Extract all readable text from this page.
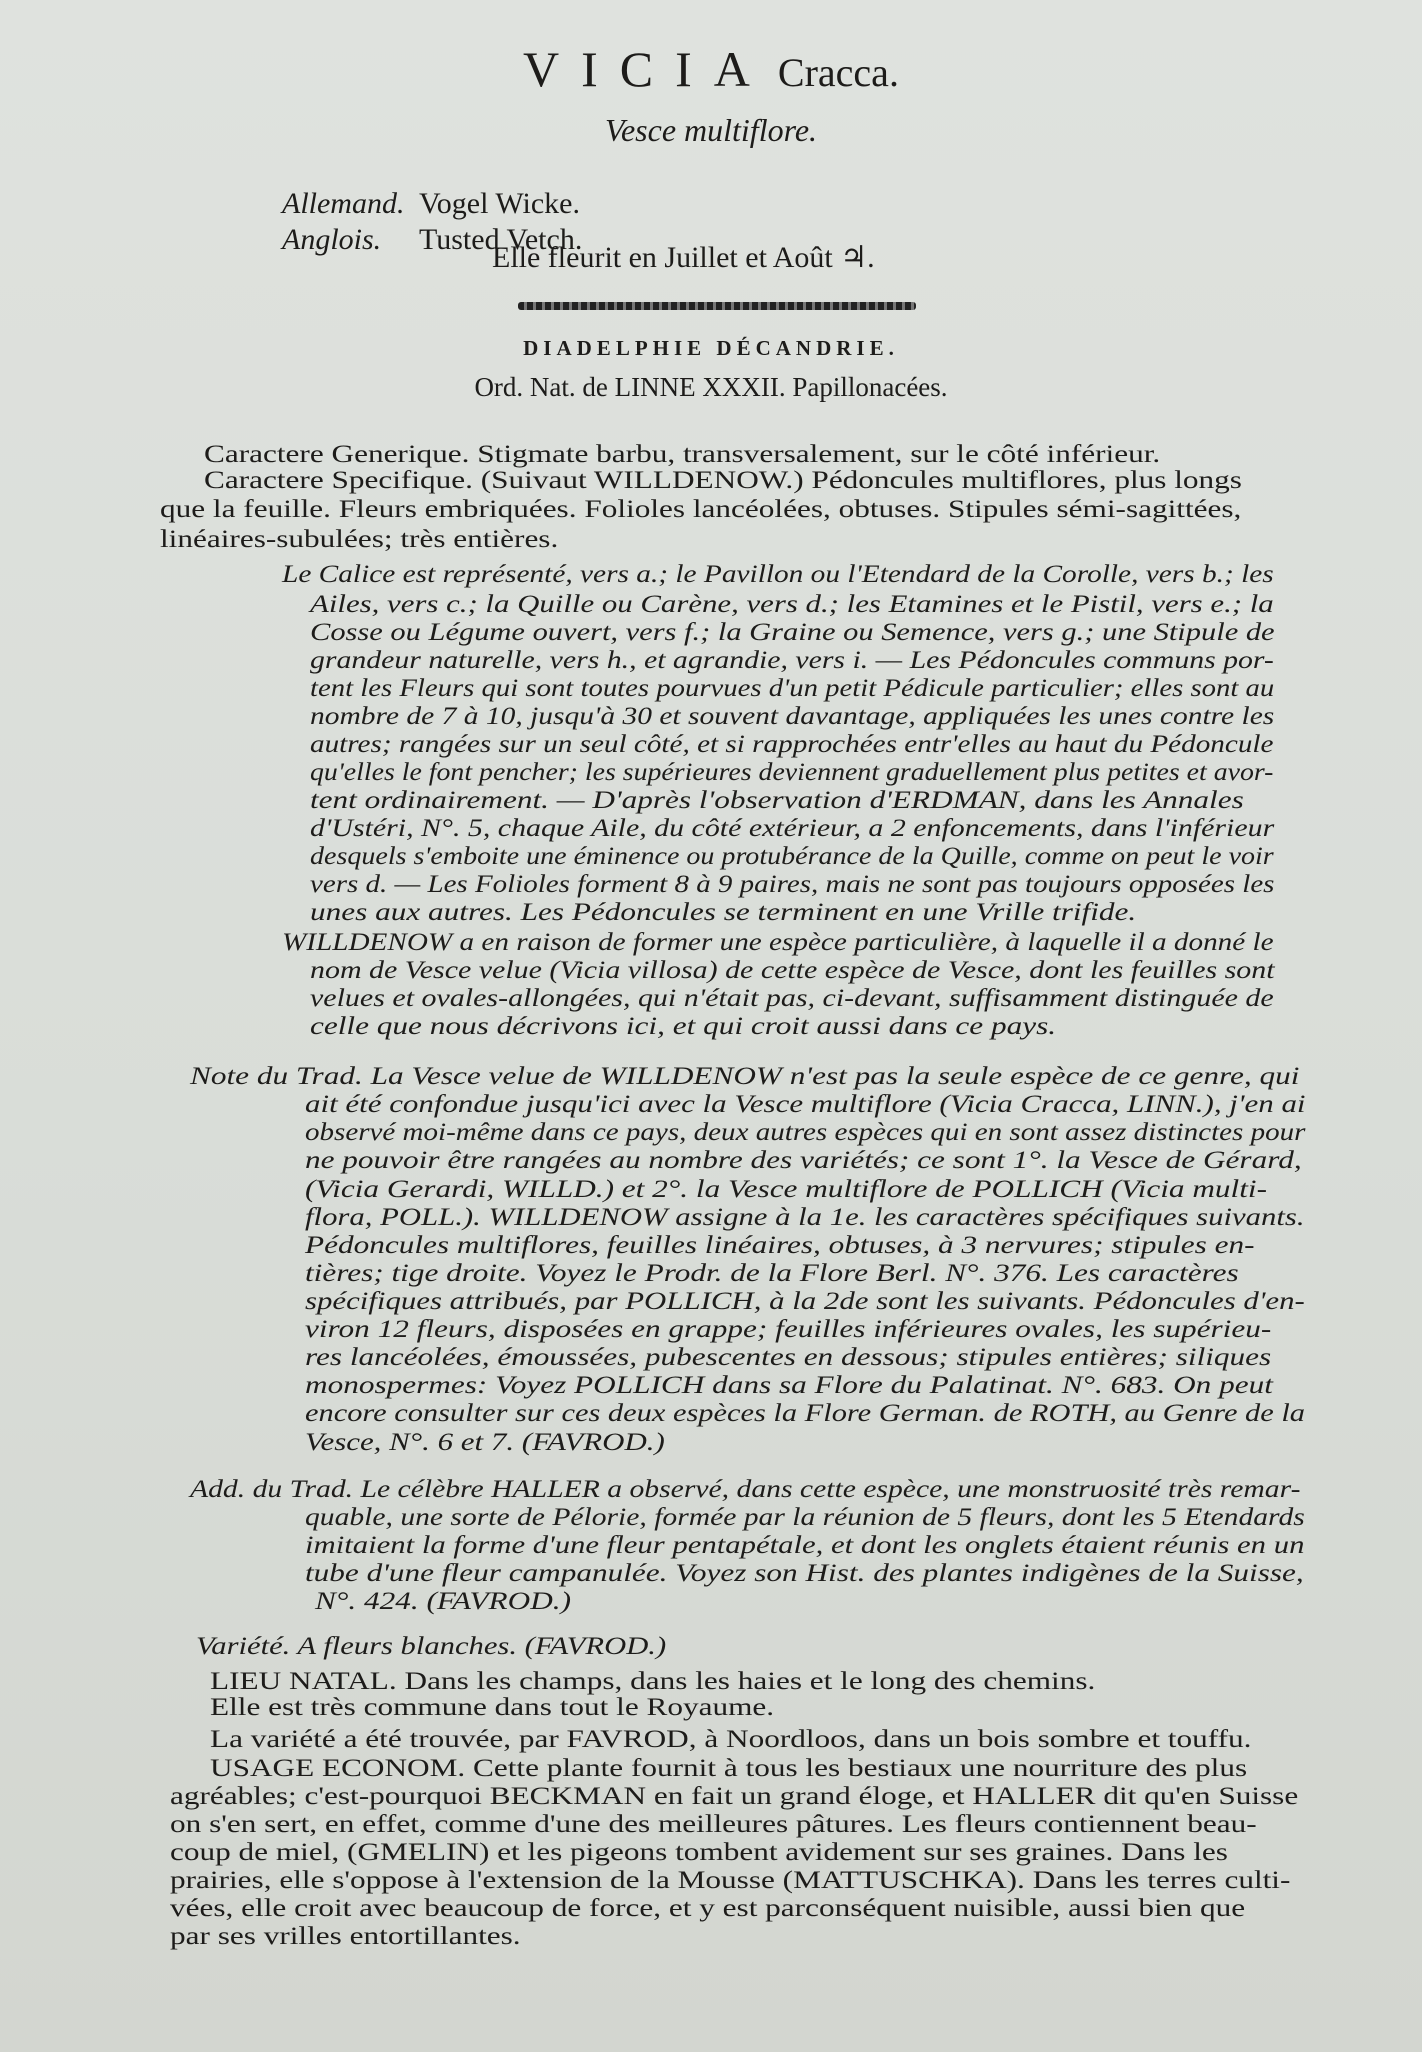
VICIA Cracca.
Vesce multiflore.
Allemand. Vogel Wicke.
Anglois. Tusted Vetch.
Elle fleurit en Juillet et Août ♃.
DIADELPHIE DÉCANDRIE.
Ord. Nat. de LINNE XXXII. Papillonacées.
Caractere Generique. Stigmate barbu, transversalement, sur le côté inférieur.
Caractere Specifique. (Suivaut WILLDENOW.) Pédoncules multiflores, plus longs
que la feuille. Fleurs embriquées. Folioles lancéolées, obtuses. Stipules sémi-sagittées,
linéaires-subulées; très entières.
Le Calice est représenté, vers a.; le Pavillon ou l'Etendard de la Corolle, vers b.; les
Ailes, vers c.; la Quille ou Carène, vers d.; les Etamines et le Pistil, vers e.; la
Cosse ou Légume ouvert, vers f.; la Graine ou Semence, vers g.; une Stipule de
grandeur naturelle, vers h., et agrandie, vers i. — Les Pédoncules communs por-
tent les Fleurs qui sont toutes pourvues d'un petit Pédicule particulier; elles sont au
nombre de 7 à 10, jusqu'à 30 et souvent davantage, appliquées les unes contre les
autres; rangées sur un seul côté, et si rapprochées entr'elles au haut du Pédoncule
qu'elles le font pencher; les supérieures deviennent graduellement plus petites et avor-
tent ordinairement. — D'après l'observation d'ERDMAN, dans les Annales
d'Ustéri, N°. 5, chaque Aile, du côté extérieur, a 2 enfoncements, dans l'inférieur
desquels s'emboite une éminence ou protubérance de la Quille, comme on peut le voir
vers d. — Les Folioles forment 8 à 9 paires, mais ne sont pas toujours opposées les
unes aux autres. Les Pédoncules se terminent en une Vrille trifide.
WILLDENOW a en raison de former une espèce particulière, à laquelle il a donné le
nom de Vesce velue (Vicia villosa) de cette espèce de Vesce, dont les feuilles sont
velues et ovales-allongées, qui n'était pas, ci-devant, suffisamment distinguée de
celle que nous décrivons ici, et qui croit aussi dans ce pays.
Note du Trad. La Vesce velue de WILLDENOW n'est pas la seule espèce de ce genre, qui
ait été confondue jusqu'ici avec la Vesce multiflore (Vicia Cracca, LINN.), j'en ai
observé moi-même dans ce pays, deux autres espèces qui en sont assez distinctes pour
ne pouvoir être rangées au nombre des variétés; ce sont 1°. la Vesce de Gérard,
(Vicia Gerardi, WILLD.) et 2°. la Vesce multiflore de POLLICH (Vicia multi-
flora, POLL.). WILLDENOW assigne à la 1e. les caractères spécifiques suivants.
Pédoncules multiflores, feuilles linéaires, obtuses, à 3 nervures; stipules en-
tières; tige droite. Voyez le Prodr. de la Flore Berl. N°. 376. Les caractères
spécifiques attribués, par POLLICH, à la 2de sont les suivants. Pédoncules d'en-
viron 12 fleurs, disposées en grappe; feuilles inférieures ovales, les supérieu-
res lancéolées, émoussées, pubescentes en dessous; stipules entières; siliques
monospermes: Voyez POLLICH dans sa Flore du Palatinat. N°. 683. On peut
encore consulter sur ces deux espèces la Flore German. de ROTH, au Genre de la
Vesce, N°. 6 et 7. (FAVROD.)
Add. du Trad. Le célèbre HALLER a observé, dans cette espèce, une monstruosité très remar-
quable, une sorte de Pélorie, formée par la réunion de 5 fleurs, dont les 5 Etendards
imitaient la forme d'une fleur pentapétale, et dont les onglets étaient réunis en un
tube d'une fleur campanulée. Voyez son Hist. des plantes indigènes de la Suisse,
N°. 424. (FAVROD.)
Variété. A fleurs blanches. (FAVROD.)
LIEU NATAL. Dans les champs, dans les haies et le long des chemins.
Elle est très commune dans tout le Royaume.
La variété a été trouvée, par FAVROD, à Noordloos, dans un bois sombre et touffu.
USAGE ECONOM. Cette plante fournit à tous les bestiaux une nourriture des plus
agréables; c'est-pourquoi BECKMAN en fait un grand éloge, et HALLER dit qu'en Suisse
on s'en sert, en effet, comme d'une des meilleures pâtures. Les fleurs contiennent beau-
coup de miel, (GMELIN) et les pigeons tombent avidement sur ses graines. Dans les
prairies, elle s'oppose à l'extension de la Mousse (MATTUSCHKA). Dans les terres culti-
vées, elle croit avec beaucoup de force, et y est parconséquent nuisible, aussi bien que
par ses vrilles entortillantes.
